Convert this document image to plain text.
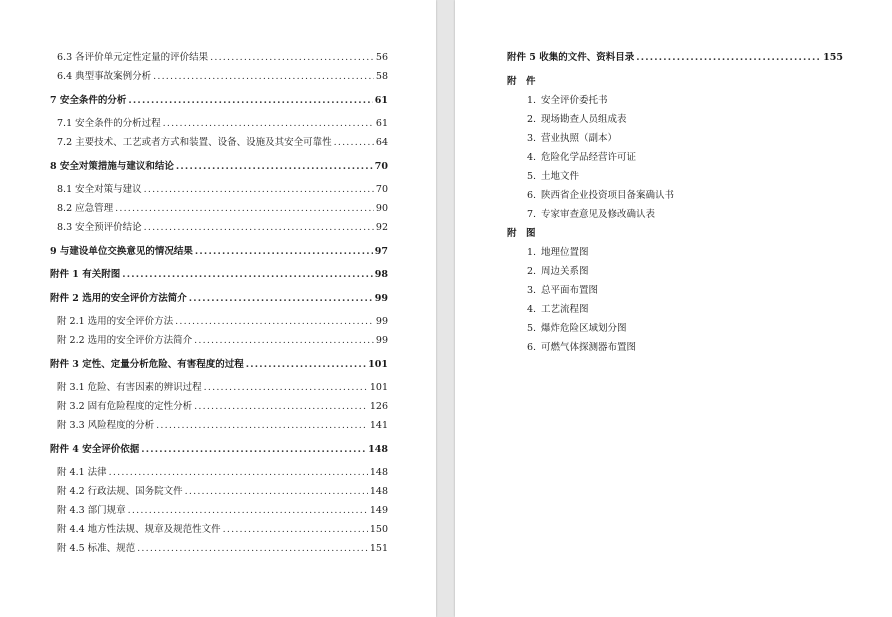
6.3 各评价单元定性定量的评价结果 .....	56
6.4 典型事故案例分析 .....	58
7 安全条件的分析 .....	61
7.1 安全条件的分析过程 .....	61
7.2 主要技术、工艺或者方式和装置、设备、设施及其安全可靠性 .....	64
8 安全对策措施与建议和结论 .....	70
8.1 安全对策与建议 .....	70
8.2 应急管理 .....	90
8.3 安全预评价结论 .....	92
9 与建设单位交换意见的情况结果 .....	97
附件 1 有关附图 .....	98
附件 2 选用的安全评价方法简介 .....	99
附 2.1 选用的安全评价方法 .....	99
附 2.2 选用的安全评价方法简介 .....	99
附件 3 定性、定量分析危险、有害程度的过程 .....	101
附 3.1 危险、有害因素的辨识过程 .....	101
附 3.2 固有危险程度的定性分析 .....	126
附 3.3 风险程度的分析 .....	141
附件 4 安全评价依据 .....	148
附 4.1 法律 .....	148
附 4.2 行政法规、国务院文件 .....	148
附 4.3 部门规章 .....	149
附 4.4 地方性法规、规章及规范性文件 .....	150
附 4.5 标准、规范 .....	151
附件 5 收集的文件、资料目录 .....	155
附　件
1. 安全评价委托书
2. 现场勘查人员组成表
3. 营业执照（副本）
4. 危险化学品经营许可证
5. 土地文件
6. 陕西省企业投资项目备案确认书
7. 专家审查意见及修改确认表
附　图
1. 地理位置图
2. 周边关系图
3. 总平面布置图
4. 工艺流程图
5. 爆炸危险区域划分图
6. 可燃气体探测器布置图
